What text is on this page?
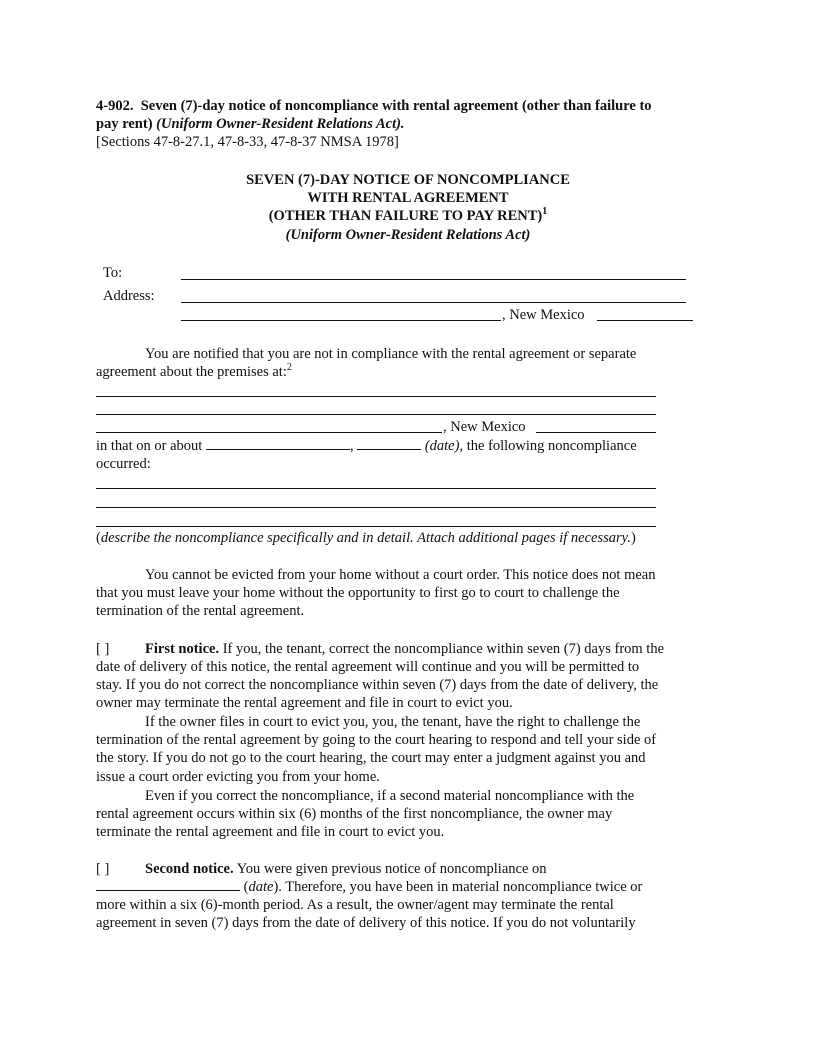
4-902. Seven (7)-day notice of noncompliance with rental agreement (other than failure to
pay rent) (Uniform Owner-Resident Relations Act).
[Sections 47-8-27.1, 47-8-33, 47-8-37 NMSA 1978]
SEVEN (7)-DAY NOTICE OF NONCOMPLIANCE
WITH RENTAL AGREEMENT
(OTHER THAN FAILURE TO PAY RENT)$^1$
(Uniform Owner-Resident Relations Act)
To:
Address:
, New Mexico
You are notified that you are not in compliance with the rental agreement or separate
agreement about the premises at:$^2$
, New Mexico
in that on or about	,	(date), the following noncompliance
occurred:
(describe the noncompliance specifically and in detail. Attach additional pages if necessary.)
You cannot be evicted from your home without a court order. This notice does not mean
that you must leave your home without the opportunity to first go to court to challenge the
termination of the rental agreement.
[ ] First notice. If you, the tenant, correct the noncompliance within seven (7) days from the
date of delivery of this notice, the rental agreement will continue and you will be permitted to
stay. If you do not correct the noncompliance within seven (7) days from the date of delivery, the
owner may terminate the rental agreement and file in court to evict you.
If the owner files in court to evict you, you, the tenant, have the right to challenge the
termination of the rental agreement by going to the court hearing to respond and tell your side of
the story. If you do not go to the court hearing, the court may enter a judgment against you and
issue a court order evicting you from your home.
Even if you correct the noncompliance, if a second material noncompliance with the
rental agreement occurs within six (6) months of the first noncompliance, the owner may
terminate the rental agreement and file in court to evict you.
[ ] Second notice. You were given previous notice of noncompliance on
(date). Therefore, you have been in material noncompliance twice or
more within a six (6)-month period. As a result, the owner/agent may terminate the rental
agreement in seven (7) days from the date of delivery of this notice. If you do not voluntarily
